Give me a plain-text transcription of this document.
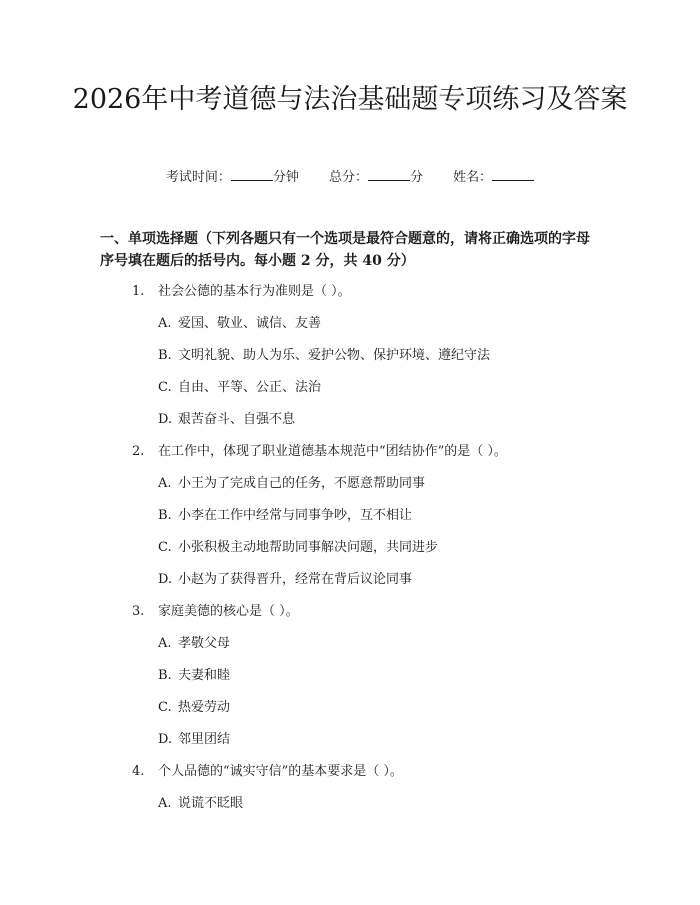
2026年中考道德与法治基础题专项练习及答案
考试时间：	分钟 总分：	分 姓名：

一、单项选择题（下列各题只有一个选项是最符合题意的，请将正确选项的字母序号填在题后的括号内。每小题 2 分，共 40 分）

1. 社会公德的基本行为准则是（ ）。
A. 爱国、敬业、诚信、友善
B. 文明礼貌、助人为乐、爱护公物、保护环境、遵纪守法
C. 自由、平等、公正、法治
D. 艰苦奋斗、自强不息
2. 在工作中，体现了职业道德基本规范中“团结协作”的是（ ）。
A. 小王为了完成自己的任务，不愿意帮助同事
B. 小李在工作中经常与同事争吵，互不相让
C. 小张积极主动地帮助同事解决问题，共同进步
D. 小赵为了获得晋升，经常在背后议论同事
3. 家庭美德的核心是（ ）。
A. 孝敬父母
B. 夫妻和睦
C. 热爱劳动
D. 邻里团结
4. 个人品德的“诚实守信”的基本要求是（ ）。
A. 说谎不眨眼
